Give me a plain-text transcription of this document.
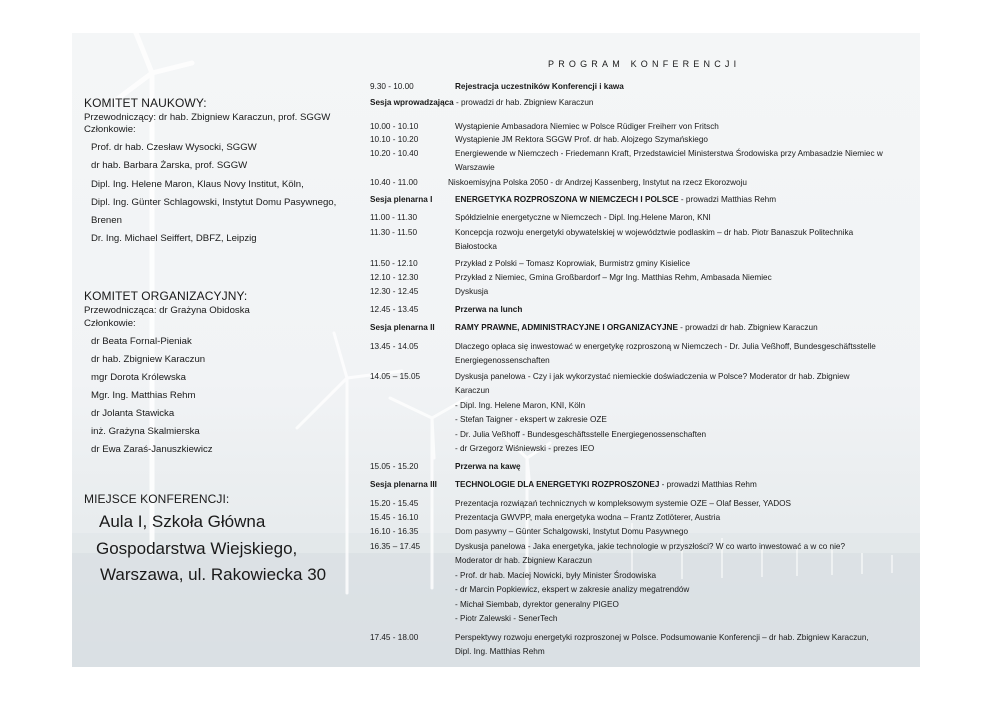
PROGRAM KONFERENCJI
KOMITET NAUKOWY:
Przewodniczący: dr hab. Zbigniew Karaczun, prof. SGGW
Członkowie:
Prof. dr hab. Czesław Wysocki, SGGW
dr hab. Barbara Żarska, prof. SGGW
Dipl. Ing. Helene Maron, Klaus Novy Institut, Köln,
Dipl. Ing. Günter Schlagowski, Instytut Domu Pasywnego,
Brenen
Dr. Ing. Michael Seiffert, DBFZ, Leipzig
KOMITET ORGANIZACYJNY:
Przewodnicząca: dr Grażyna Obidoska
Członkowie:
dr Beata Fornal-Pieniak
dr hab. Zbigniew Karaczun
mgr Dorota Królewska
Mgr. Ing. Matthias Rehm
dr Jolanta Stawicka
inż. Grażyna Skalmierska
dr Ewa Zaraś-Januszkiewicz
MIEJSCE KONFERENCJI:
Aula I, Szkoła Główna
Gospodarstwa Wiejskiego,
Warszawa, ul. Rakowiecka 30
9.30 - 10.00	Rejestracja uczestników Konferencji i kawa
Sesja wprowadzająca - prowadzi dr hab. Zbigniew Karaczun
10.00 - 10.10	Wystąpienie Ambasadora Niemiec w Polsce Rüdiger Freiherr von Fritsch
10.10 - 10.20	Wystąpienie JM Rektora SGGW Prof. dr hab. Alojzego Szymańskiego
10.20 - 10.40	Energiewende w Niemczech - Friedemann Kraft, Przedstawiciel Ministerstwa Środowiska przy Ambasadzie Niemiec w
Warszawie
10.40 - 11.00	Niskoemisyjna Polska 2050 - dr Andrzej Kassenberg, Instytut na rzecz Ekorozwoju
Sesja plenarna I	ENERGETYKA ROZPROSZONA W NIEMCZECH I POLSCE - prowadzi Matthias Rehm
11.00 - 11.30	Spółdzielnie energetyczne w Niemczech - Dipl. Ing.Helene Maron, KNI
11.30 - 11.50	Koncepcja rozwoju energetyki obywatelskiej w województwie podlaskim – dr hab. Piotr Banaszuk Politechnika
Białostocka
11.50 - 12.10	Przykład z Polski – Tomasz Koprowiak, Burmistrz gminy Kisielice
12.10 - 12.30	Przykład z Niemiec, Gmina Großbardorf – Mgr Ing. Matthias Rehm, Ambasada Niemiec
12.30 - 12.45	Dyskusja
12.45 - 13.45	Przerwa na lunch
Sesja plenarna II RAMY PRAWNE, ADMINISTRACYJNE I ORGANIZACYJNE - prowadzi dr hab. Zbigniew Karaczun
13.45 - 14.05	Dlaczego opłaca się inwestować w energetykę rozproszoną w Niemczech - Dr. Julia Veßhoff, Bundesgeschäftsstelle
Energiegenossenschaften
14.05 – 15.05	Dyskusja panelowa - Czy i jak wykorzystać niemieckie doświadczenia w Polsce? Moderator dr hab. Zbigniew
Karaczun
- Dipl. Ing. Helene Maron, KNI, Köln
- Stefan Taigner - ekspert w zakresie OZE
- Dr. Julia Veßhoff - Bundesgeschäftsstelle Energiegenossenschaften
- dr Grzegorz Wiśniewski - prezes IEO
15.05 - 15.20	Przerwa na kawę
Sesja plenarna III TECHNOLOGIE DLA ENERGETYKI ROZPROSZONEJ - prowadzi Matthias Rehm
15.20 - 15.45	Prezentacja rozwiązań technicznych w kompleksowym systemie OZE – Olaf Besser, YADOS
15.45 - 16.10	Prezentacja GWVPP, mała energetyka wodna – Frantz Zotlöterer, Austria
16.10 - 16.35	Dom pasywny – Günter Schalgowski, Instytut Domu Pasywnego
16.35 – 17.45	Dyskusja panelowa - Jaka energetyka, jakie technologie w przyszłości? W co warto inwestować a w co nie?
Moderator dr hab. Zbigniew Karaczun
- Prof. dr hab. Maciej Nowicki, były Minister Środowiska
- dr Marcin Popkiewicz, ekspert w zakresie analizy megatrendów
- Michał Siembab, dyrektor generalny PIGEO
- Piotr Zalewski - SenerTech
17.45 - 18.00	Perspektywy rozwoju energetyki rozproszonej w Polsce. Podsumowanie Konferencji – dr hab. Zbigniew Karaczun,
Dipl. Ing. Matthias Rehm
